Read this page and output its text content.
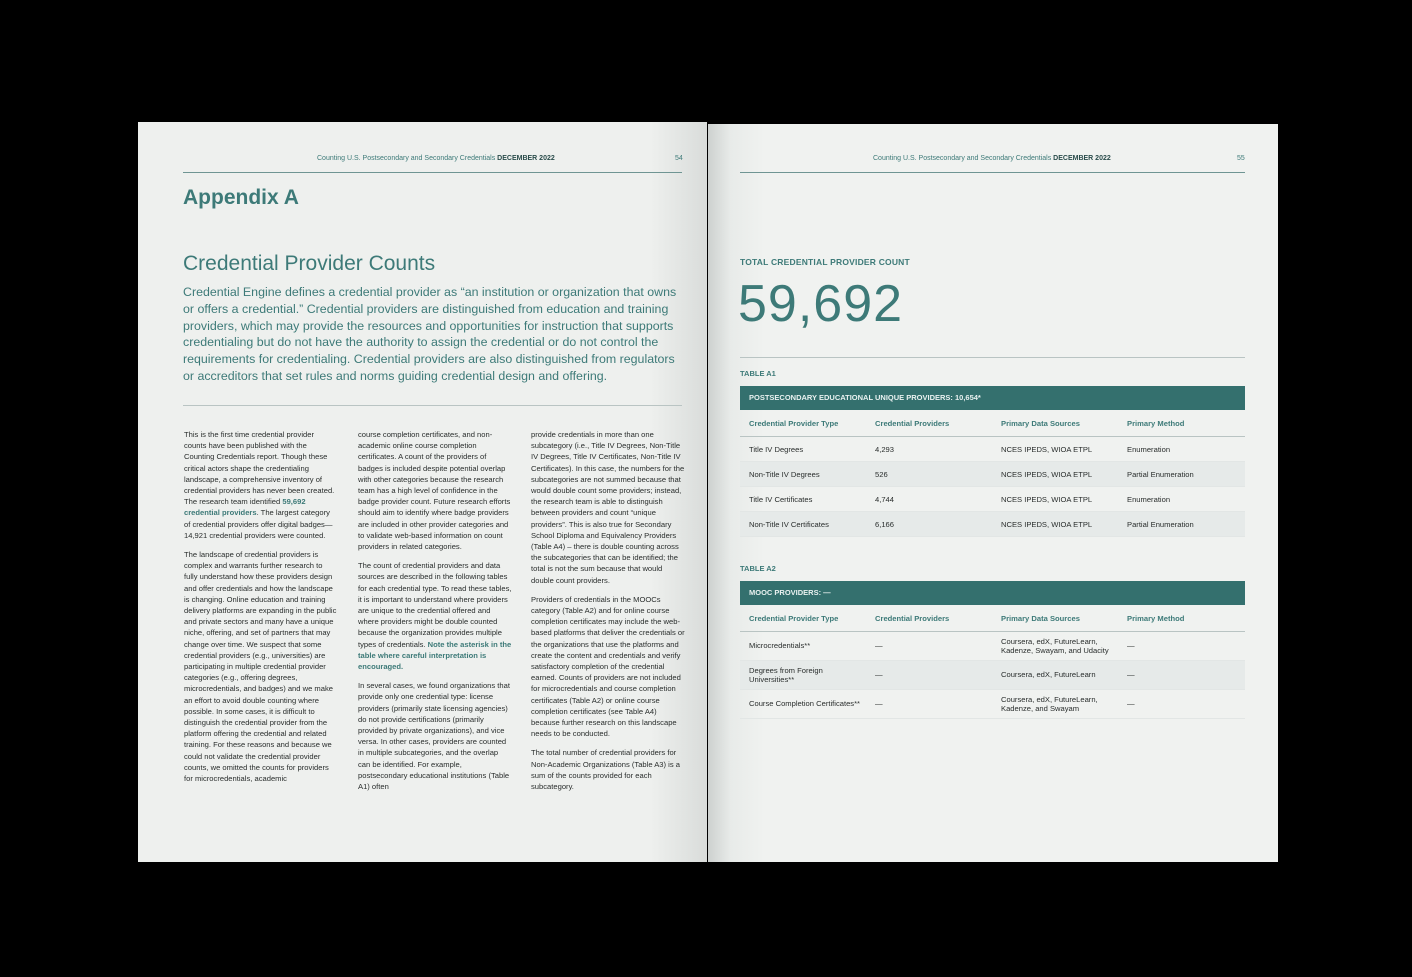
Counting U.S. Postsecondary and Secondary Credentials DECEMBER 2022	54
Appendix A
Credential Provider Counts
Credential Engine defines a credential provider as “an institution or organization that owns or offers a credential.” Credential providers are distinguished from education and training providers, which may provide the resources and opportunities for instruction that supports credentialing but do not have the authority to assign the credential or do not control the requirements for credentialing. Credential providers are also distinguished from regulators or accreditors that set rules and norms guiding credential design and offering.

This is the first time credential provider counts have been published with the Counting Credentials report. Though these critical actors shape the credentialing landscape, a comprehensive inventory of credential providers has never been created. The research team identified 59,692 credential providers. The largest category of credential providers offer digital badges—14,921 credential providers were counted.

The landscape of credential providers is complex and warrants further research to fully understand how these providers design and offer credentials and how the landscape is changing. Online education and training delivery platforms are expanding in the public and private sectors and many have a unique niche, offering, and set of partners that may change over time. We suspect that some credential providers (e.g., universities) are participating in multiple credential provider categories (e.g., offering degrees, microcredentials, and badges) and we make an effort to avoid double counting where possible. In some cases, it is difficult to distinguish the credential provider from the platform offering the credential and related training. For these reasons and because we could not validate the credential provider counts, we omitted the counts for providers for microcredentials, academic

course completion certificates, and non-academic online course completion certificates. A count of the providers of badges is included despite potential overlap with other categories because the research team has a high level of confidence in the badge provider count. Future research efforts should aim to identify where badge providers are included in other provider categories and to validate web-based information on count providers in related categories.

The count of credential providers and data sources are described in the following tables for each credential type. To read these tables, it is important to understand where providers are unique to the credential offered and where providers might be double counted because the organization provides multiple types of credentials. Note the asterisk in the table where careful interpretation is encouraged.

In several cases, we found organizations that provide only one credential type: license providers (primarily state licensing agencies) do not provide certifications (primarily provided by private organizations), and vice versa. In other cases, providers are counted in multiple subcategories, and the overlap can be identified. For example, postsecondary educational institutions (Table A1) often

provide credentials in more than one subcategory (i.e., Title IV Degrees, Non-Title IV Degrees, Title IV Certificates, Non-Title IV Certificates). In this case, the numbers for the subcategories are not summed because that would double count some providers; instead, the research team is able to distinguish between providers and count “unique providers”. This is also true for Secondary School Diploma and Equivalency Providers (Table A4) – there is double counting across the subcategories that can be identified; the total is not the sum because that would double count providers.

Providers of credentials in the MOOCs category (Table A2) and for online course completion certificates may include the web-based platforms that deliver the credentials or the organizations that use the platforms and create the content and credentials and verify satisfactory completion of the credential earned. Counts of providers are not included for microcredentials and course completion certificates (Table A2) or online course completion certificates (see Table A4) because further research on this landscape needs to be conducted.

The total number of credential providers for Non-Academic Organizations (Table A3) is a sum of the counts provided for each subcategory.

Counting U.S. Postsecondary and Secondary Credentials DECEMBER 2022	55
TOTAL CREDENTIAL PROVIDER COUNT
59,692
TABLE A1
POSTSECONDARY EDUCATIONAL UNIQUE PROVIDERS: 10,654*
Credential Provider Type	Credential Providers	Primary Data Sources	Primary Method
Title IV Degrees	4,293	NCES IPEDS, WIOA ETPL	Enumeration
Non-Title IV Degrees	526	NCES IPEDS, WIOA ETPL	Partial Enumeration
Title IV Certificates	4,744	NCES IPEDS, WIOA ETPL	Enumeration
Non-Title IV Certificates	6,166	NCES IPEDS, WIOA ETPL	Partial Enumeration
TABLE A2
MOOC PROVIDERS: —
Credential Provider Type	Credential Providers	Primary Data Sources	Primary Method
Microcredentials**	—	Coursera, edX, FutureLearn, Kadenze, Swayam, and Udacity	—
Degrees from Foreign Universities**	—	Coursera, edX, FutureLearn	—
Course Completion Certificates**	—	Coursera, edX, FutureLearn, Kadenze, and Swayam	—
